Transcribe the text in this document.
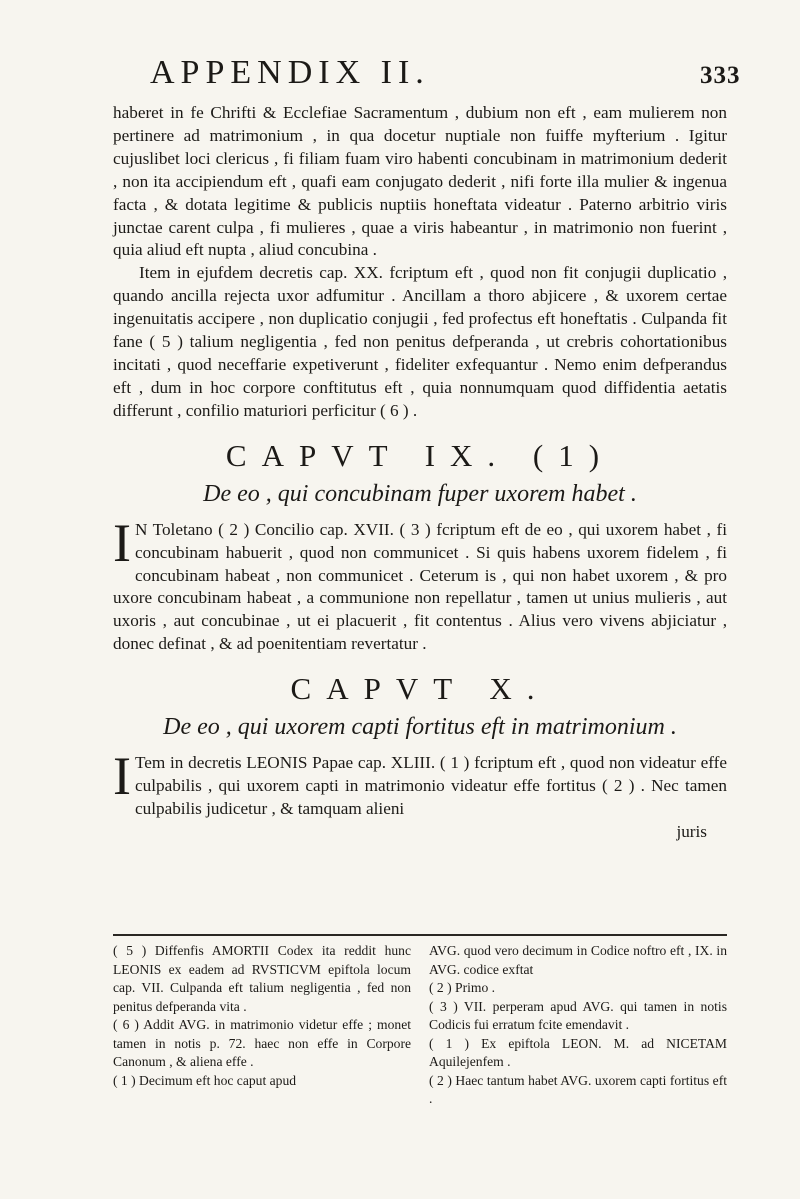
APPENDIX II.	333

haberet in fe Chrifti & Ecclefiae Sacramentum , dubium non eft , eam mulierem non pertinere ad matrimonium , in qua docetur nuptiale non fuiffe myfterium . Igitur cujuslibet loci clericus , fi filiam fuam viro habenti concubinam in matrimonium dederit , non ita accipiendum eft , quafi eam conjugato dederit , nifi forte illa mulier & ingenua facta , & dotata legitime & publicis nuptiis honeftata videatur . Paterno arbitrio viris junctae carent culpa , fi mulieres , quae a viris habeantur , in matrimonio non fuerint , quia aliud eft nupta , aliud concubina .

Item in ejufdem decretis cap. XX. fcriptum eft , quod non fit conjugii duplicatio , quando ancilla rejecta uxor adfumitur . Ancillam a thoro abjicere , & uxorem certae ingenuitatis accipere , non duplicatio conjugii , fed profectus eft honeftatis . Culpanda fit fane ( 5 ) talium negligentia , fed non penitus defperanda , ut crebris cohortationibus incitati , quod neceffarie expetiverunt , fideliter exfequantur . Nemo enim defperandus eft , dum in hoc corpore conftitutus eft , quia nonnumquam quod diffidentia aetatis differunt , confilio maturiori perficitur ( 6 ) .

CAPVT IX. (1)
De eo , qui concubinam fuper uxorem habet .

IN Toletano ( 2 ) Concilio cap. XVII. ( 3 ) fcriptum eft de eo , qui uxorem habet , fi concubinam habuerit , quod non communicet . Si quis habens uxorem fidelem , fi concubinam habeat , non communicet . Ceterum is , qui non habet uxorem , & pro uxore concubinam habeat , a communione non repellatur , tamen ut unius mulieris , aut uxoris , aut concubinae , ut ei placuerit , fit contentus . Alius vero vivens abjiciatur , donec definat , & ad poenitentiam revertatur .

CAPVT X.
De eo , qui uxorem capti fortitus eft in matrimonium .

ITem in decretis LEONIS Papae cap. XLIII. ( 1 ) fcriptum eft , quod non videatur effe culpabilis , qui uxorem capti in matrimonio videatur effe fortitus ( 2 ) . Nec tamen culpabilis judicetur , & tamquam alieni

juris

( 5 ) Diffenfis AMORTII Codex ita reddit hunc LEONIS ex eadem ad RVSTICVM epiftola locum cap. VII. Culpanda eft talium negligentia , fed non penitus defperanda vita .

( 6 ) Addit AVG. in matrimonio videtur effe ; monet tamen in notis p. 72. haec non effe in Corpore Canonum , & aliena effe .

( 1 ) Decimum eft hoc caput apud

AVG. quod vero decimum in Codice noftro eft , IX. in AVG. codice exftat

( 2 ) Primo .

( 3 ) VII. perperam apud AVG. qui tamen in notis Codicis fui erratum fcite emendavit .

( 1 ) Ex epiftola LEON. M. ad NICETAM Aquilejenfem .

( 2 ) Haec tantum habet AVG. uxorem capti fortitus eft .
